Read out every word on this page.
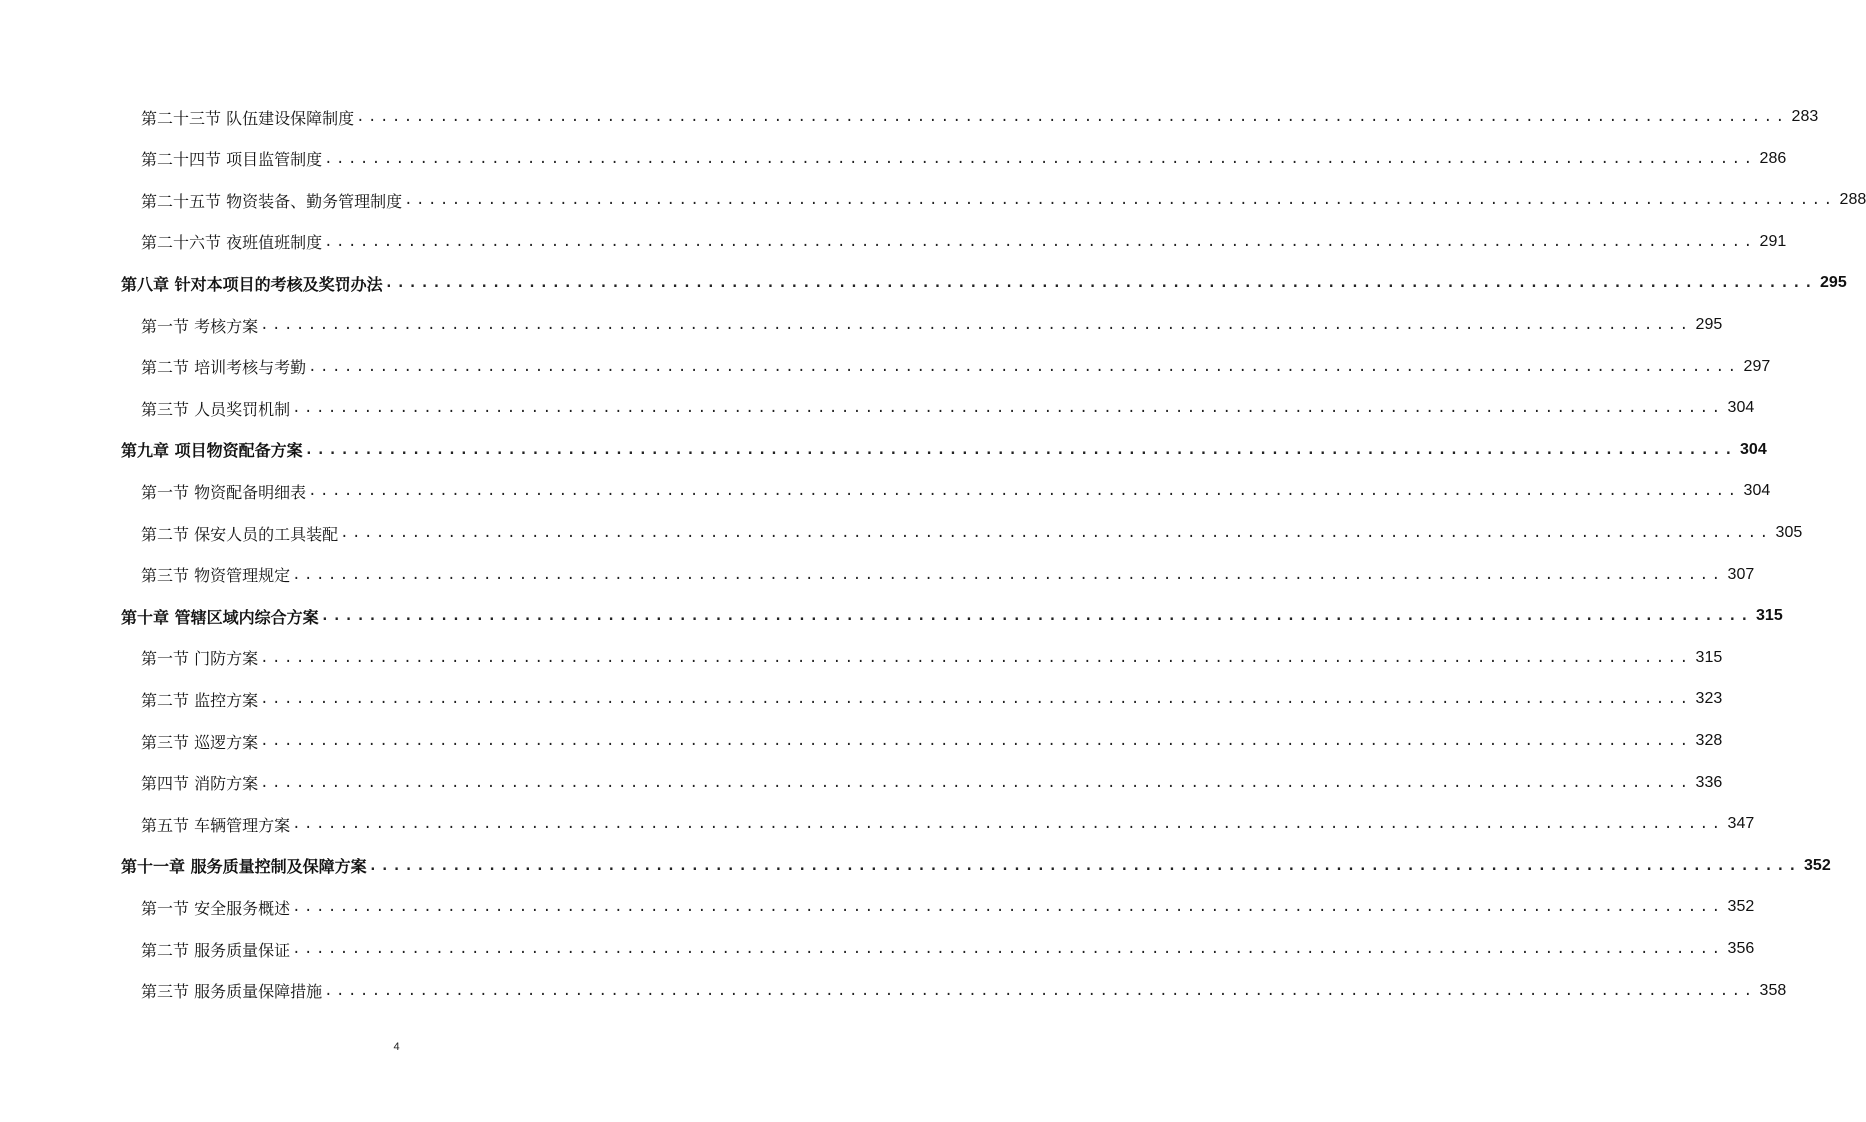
第二十三节 队伍建设保障制度 ........................................................................................................................ 283
第二十四节 项目监管制度 ........................................................................................................................ 286
第二十五节 物资装备、勤务管理制度 ........................................................................................................................ 288
第二十六节 夜班值班制度 ........................................................................................................................ 291
第八章 针对本项目的考核及奖罚办法 ........................................................................................................................ 295
第一节 考核方案 ........................................................................................................................ 295
第二节 培训考核与考勤 ........................................................................................................................ 297
第三节 人员奖罚机制 ........................................................................................................................ 304
第九章 项目物资配备方案 ........................................................................................................................ 304
第一节 物资配备明细表 ........................................................................................................................ 304
第二节 保安人员的工具装配 ........................................................................................................................ 305
第三节 物资管理规定 ........................................................................................................................ 307
第十章 管辖区域内综合方案 ........................................................................................................................ 315
第一节 门防方案 ........................................................................................................................ 315
第二节 监控方案 ........................................................................................................................ 323
第三节 巡逻方案 ........................................................................................................................ 328
第四节 消防方案 ........................................................................................................................ 336
第五节 车辆管理方案 ........................................................................................................................ 347
第十一章 服务质量控制及保障方案 ........................................................................................................................ 352
第一节 安全服务概述 ........................................................................................................................ 352
第二节 服务质量保证 ........................................................................................................................ 356
第三节 服务质量保障措施 ........................................................................................................................ 358
4
